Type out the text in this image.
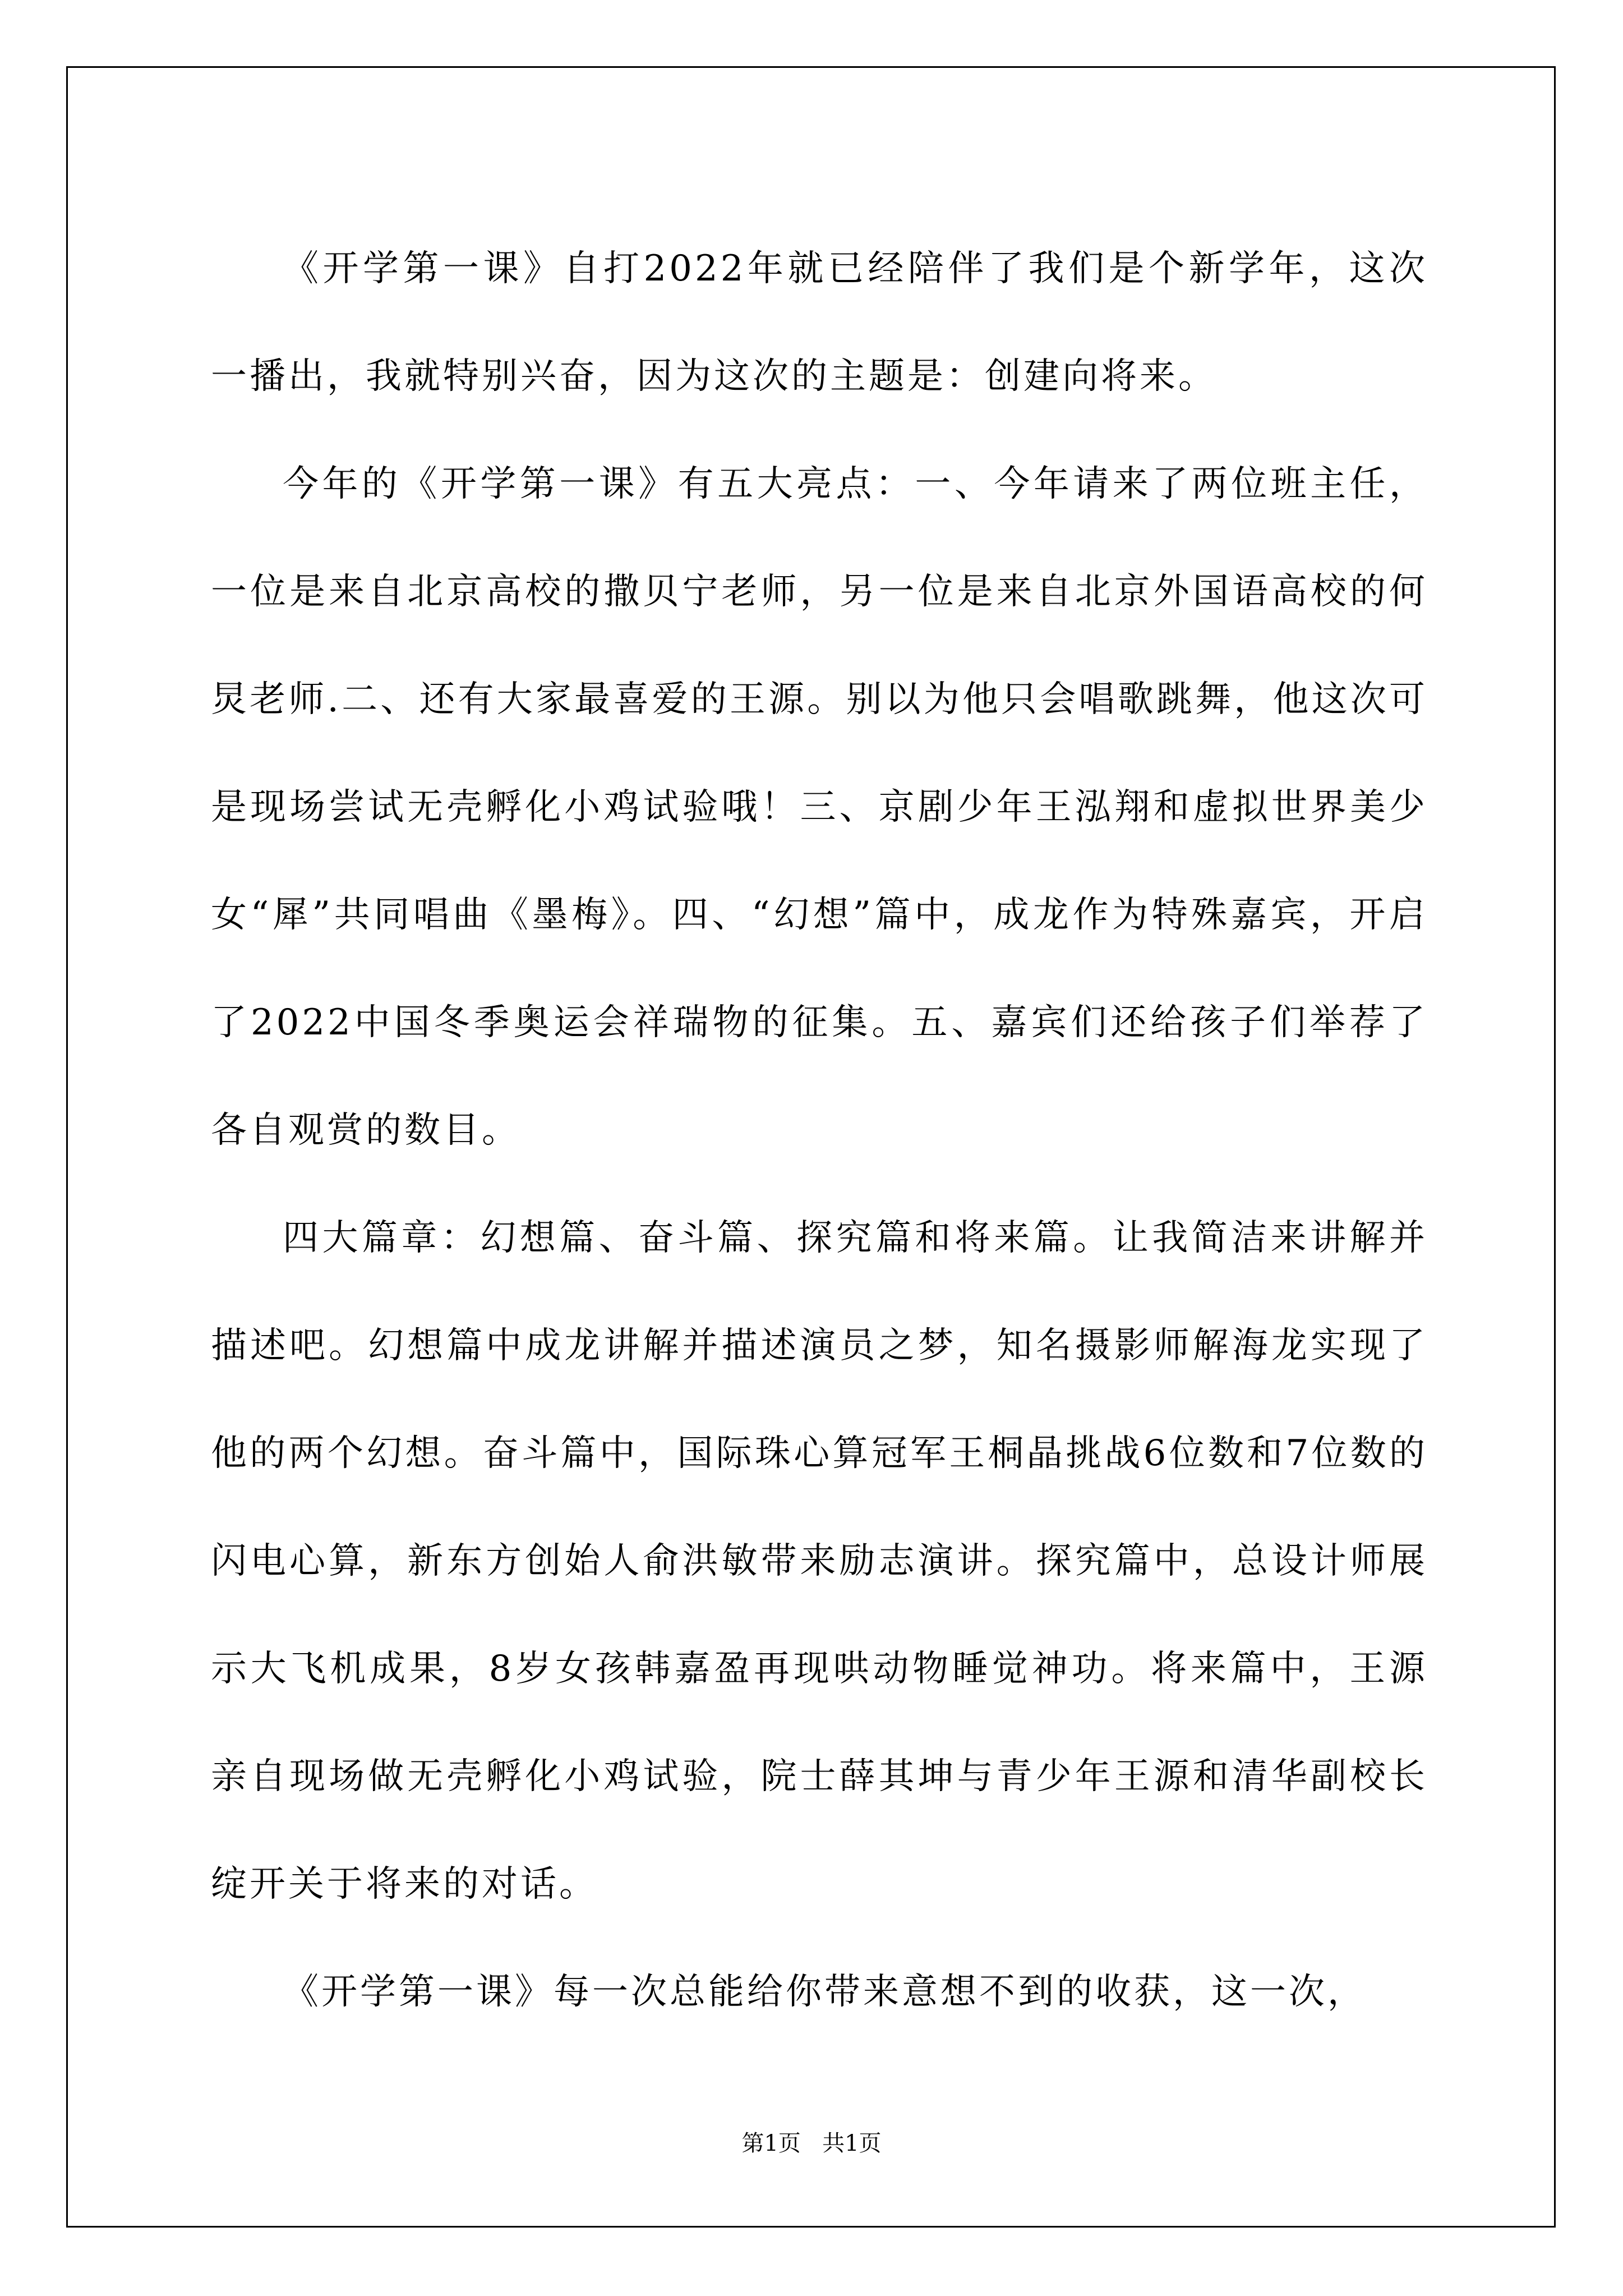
《开学第一课》自打2022年就已经陪伴了我们是个新学年，这次一播出，我就特别兴奋，因为这次的主题是：创建向将来。

今年的《开学第一课》有五大亮点：一、今年请来了两位班主任，一位是来自北京高校的撒贝宁老师，另一位是来自北京外国语高校的何炅老师.二、还有大家最喜爱的王源。别以为他只会唱歌跳舞，他这次可是现场尝试无壳孵化小鸡试验哦！三、京剧少年王泓翔和虚拟世界美少女“犀”共同唱曲《墨梅》。四、“幻想”篇中，成龙作为特殊嘉宾，开启了2022中国冬季奥运会祥瑞物的征集。五、嘉宾们还给孩子们举荐了各自观赏的数目。

四大篇章：幻想篇、奋斗篇、探究篇和将来篇。让我简洁来讲解并描述吧。幻想篇中成龙讲解并描述演员之梦，知名摄影师解海龙实现了他的两个幻想。奋斗篇中，国际珠心算冠军王桐晶挑战6位数和7位数的闪电心算，新东方创始人俞洪敏带来励志演讲。探究篇中，总设计师展示大飞机成果，8岁女孩韩嘉盈再现哄动物睡觉神功。将来篇中，王源亲自现场做无壳孵化小鸡试验，院士薛其坤与青少年王源和清华副校长绽开关于将来的对话。

《开学第一课》每一次总能给你带来意想不到的收获，这一次，

第1页 共1页
